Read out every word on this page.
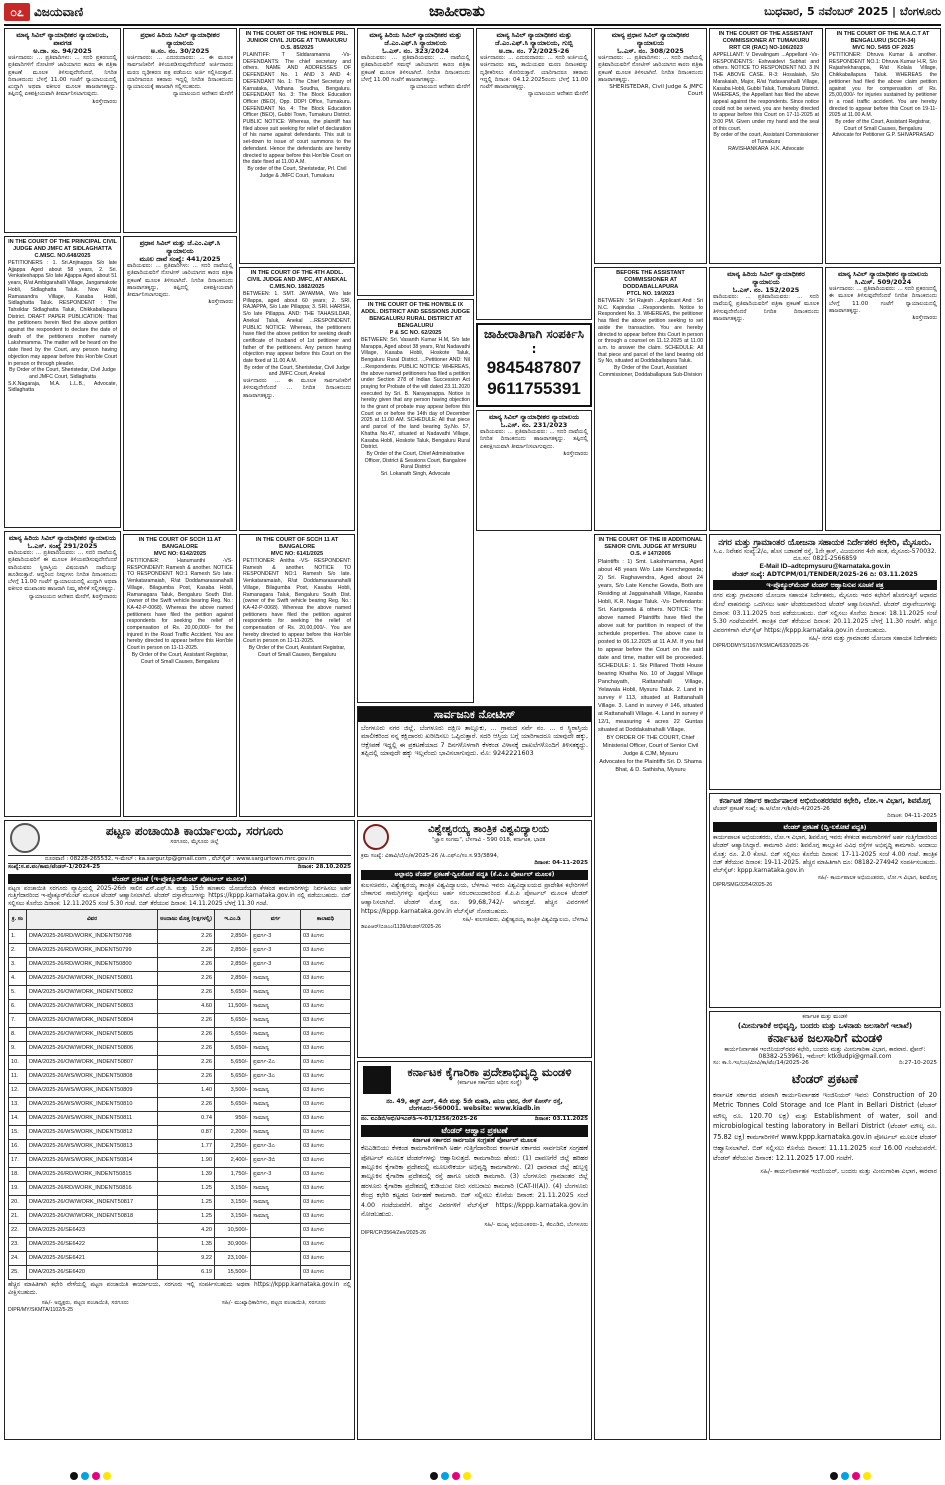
೦೭ ವಿಜಯವಾಣಿ	ಜಾಹೀರಾತು	ಬುಧವಾರ, 5 ನವೆಂಬರ್ 2025 | ಬೆಂಗಳೂರು
ಮಾನ್ಯ ಸಿವಿಲ್ ನ್ಯಾಯಾಧೀಶರ ನ್ಯಾಯಾಲಯ, ಪಾವಗಡ
ಅ.ದಾ. ಸಂ. 94/2025
ಅರ್ಜಿದಾರರು: ... ಪ್ರತಿವಾದಿಗಳು: ... ಸದರಿ ಪ್ರಕರಣದಲ್ಲಿ ಪ್ರತಿವಾದಿಗಳಿಗೆ ನೋಟೀಸ್ ಜಾರಿಯಾಗದ ಕಾರಣ ಈ ಪತ್ರಿಕಾ ಪ್ರಕಟಣೆ ಮೂಲಕ ತಿಳಿಸುವುದೇನೆಂದರೆ, ನಿಗದಿತ ದಿನಾಂಕದಂದು ಬೆಳಗ್ಗೆ 11.00 ಗಂಟೆಗೆ ನ್ಯಾಯಾಲಯದಲ್ಲಿ ಖುದ್ದಾಗಿ ಅಥವಾ ವಕೀಲರ ಮೂಲಕ ಹಾಜರಾಗತಕ್ಕದ್ದು. ತಪ್ಪಿದಲ್ಲಿ ಏಕಪಕ್ಷೀಯವಾಗಿ ತೀರ್ಮಾನಿಸಲಾಗುವುದು.
ಶಿರಸ್ತೇದಾರರು
IN THE COURT OF THE PRINCIPAL CIVIL JUDGE AND JMFC AT SIDLAGHATTA
C.MISC. NO.648/2025
PETITIONERS : 1. Sri.Anjinappa S/o late Ajjappa Aged about 58 years, 2. Sri. Venkateshappa S/o late Ajjappa Aged about 51 years, R/at Ambigarahalli Village, Jangamakote Hobli, Sidlaghatta Taluk. Now R/at Ramasandra Village, Kasaba Hobli, Sidlaghatta Taluk. RESPONDENT : The Tahsildar Sidlaghatta Taluk, Chikkaballapura District. DRAFT PAPER PUBLICATION: That the petitioners herein filed the above petition against the respondent to declare the date of death of the petitioners mother namely Lakshmamma. The matter will be heard on the date fixed by the Court, any person having objection may appear before this Hon'ble Court in person or through pleader.
By Order of the Court, Sheristedar, Civil Judge and JMFC Court, Sidlaghatta
S.K.Nagaraja, M.A. L.L.B., Advocate, Sidlaghatta
ಮಾನ್ಯ ಹಿರಿಯ ಸಿವಿಲ್ ನ್ಯಾಯಾಧೀಶರ ನ್ಯಾಯಾಲಯ
ಓ.ಎಸ್. ಸಂಖ್ಯೆ 291/2025
ವಾದಿಯವರು: ... ಪ್ರತಿವಾದಿಯವರು: ... ಸದರಿ ದಾವೆಯಲ್ಲಿ ಪ್ರತಿವಾದಿಯವರಿಗೆ ಈ ಮೂಲಕ ತಿಳಿಯಪಡಿಸುವುದೇನೆಂದರೆ ವಾದಿಯವರು ಸ್ಥಿರಾಸ್ತಿಯ ವಿಷಯವಾಗಿ ದಾವೆಯನ್ನು ಹೂಡಿರುತ್ತಾರೆ. ಆದ್ದರಿಂದ ನೀವುಗಳು ನಿಗದಿತ ದಿನಾಂಕದಂದು ಬೆಳಗ್ಗೆ 11.00 ಗಂಟೆಗೆ ನ್ಯಾಯಾಲಯದಲ್ಲಿ ಖುದ್ದಾಗಿ ಅಥವಾ ವಕೀಲರ ಮುಖಾಂತರ ಹಾಜರಾಗಿ ನಿಮ್ಮ ಹೇಳಿಕೆ ಸಲ್ಲಿಸತಕ್ಕದ್ದು.
ನ್ಯಾಯಾಲಯದ ಆದೇಶದ ಮೇರೆಗೆ, ಶಿರಸ್ತೇದಾರರು
ಪ್ರಧಾನ ಹಿರಿಯ ಸಿವಿಲ್ ನ್ಯಾಯಾಧೀಶರ ನ್ಯಾಯಾಲಯ
ಅ.ಸಂ. ನಂ. 30/2025
ಅರ್ಜಿದಾರರು: ... ಎದುರುದಾರರು: ... ಈ ಮೂಲಕ ಸಾರ್ವಜನಿಕರಿಗೆ ತಿಳಿಯಪಡಿಸುವುದೇನೆಂದರೆ ಅರ್ಜಿದಾರರು ಮರಣ ದೃಢೀಕರಣ ಪತ್ರ ಪಡೆಯಲು ಅರ್ಜಿ ಸಲ್ಲಿಸಿರುತ್ತಾರೆ. ಯಾರಿಗಾದರೂ ತಕರಾರು ಇದ್ದಲ್ಲಿ ನಿಗದಿತ ದಿನಾಂಕದಂದು ನ್ಯಾಯಾಲಯಕ್ಕೆ ಹಾಜರಾಗಿ ಸಲ್ಲಿಸಬಹುದು.
ನ್ಯಾಯಾಲಯದ ಆದೇಶದ ಮೇರೆಗೆ
ಪ್ರಧಾನ ಸಿವಿಲ್ ಮತ್ತು ಜೆ.ಎಂ.ಎಫ್.ಸಿ ನ್ಯಾಯಾಲಯ
ಮೂಲ ದಾವೆ ಸಂಖ್ಯೆ: 441/2025
ವಾದಿಯವರು: ... ಪ್ರತಿವಾದಿಗಳು: ... ಸದರಿ ದಾವೆಯಲ್ಲಿ ಪ್ರತಿವಾದಿಯವರಿಗೆ ನೋಟೀಸ್ ಜಾರಿಯಾಗದ ಕಾರಣ ಪತ್ರಿಕಾ ಪ್ರಕಟಣೆ ಮೂಲಕ ತಿಳಿಸಲಾಗಿದೆ. ನಿಗದಿತ ದಿನಾಂಕದಂದು ಹಾಜರಾಗತಕ್ಕದ್ದು, ತಪ್ಪಿದಲ್ಲಿ ಏಕಪಕ್ಷೀಯವಾಗಿ ತೀರ್ಮಾನಿಸಲಾಗುವುದು.
ಶಿರಸ್ತೇದಾರರು
IN THE COURT OF THE HON'BLE PRL. JUNIOR CIVIL JUDGE AT TUMAKURU
O.S. 85/2025
PLAINTIFF: T Siddaramanna -Vs- DEFENDANTS: The chief secretary and others. NAME AND ADDRESSES OF DEFENDANT No. 1 AND 3 AND 4: DEFENDANT No. 1: The Chief Secretary of Karnataka, Vidhana Soudha, Bengaluru. DEFENDANT No. 3: The Block Education Officer (BEO), Opp. DDPI Office, Tumakuru. DEFENDANT No. 4: The Block Education Officer (BEO), Gubbi Town, Tumakuru District. PUBLIC NOTICE: Whereas, the plaintiff has filed above suit seeking for relief of declaration of his name against defendants. This suit is set-down to issue of court summons to the defendant. Hence the defendants are hereby directed to appear before this Hon'ble Court on the date fixed at 11.00 A.M.
By order of the Court, Sheristedar, Prl. Civil Judge & JMFC Court, Tumakuru
IN THE COURT OF THE 4TH ADDL. CIVIL JUDGE AND JMFC, AT ANEKAL
C.MIS.NO. 1882/2025
BETWEEN: 1. SMT. JAYAMMA, W/o late Pillappa, aged about 60 years; 2. SRI. RAJAPPA, S/o Late Pillappa; 3. SRI. HARISH, S/o late Pillappa. AND: THE TAHASILDAR, Anekal Taluk, Anekal ...RESPONDENT. PUBLIC NOTICE: Whereas, the petitioners have filed the above petition for seeking death certificate of husband of 1st petitioner and father of the petitioners. Any person having objection may appear before this Court on the date fixed at 11.00 A.M.
By order of the Court, Sheristedar, Civil Judge and JMFC Court, Anekal
ಅರ್ಜಿದಾರರು ... ಈ ಮೂಲಕ ಸಾರ್ವಜನಿಕರಿಗೆ ತಿಳಿಸುವುದೇನೆಂದರೆ ... ನಿಗದಿತ ದಿನಾಂಕದಂದು ಹಾಜರಾಗತಕ್ಕದ್ದು.
ಮಾನ್ಯ ಹಿರಿಯ ಸಿವಿಲ್ ನ್ಯಾಯಾಧೀಶರ ಮತ್ತು ಜೆ.ಎಂ.ಎಫ್.ಸಿ ನ್ಯಾಯಾಲಯ
ಓ.ಎಸ್. ನಂ. 323/2024
ವಾದಿಯವರು: ... ಪ್ರತಿವಾದಿಯವರು: ... ದಾವೆಯಲ್ಲಿ ಪ್ರತಿವಾದಿಯವರಿಗೆ ಸಮನ್ಸ್ ಜಾರಿಯಾಗದ ಕಾರಣ ಪತ್ರಿಕಾ ಪ್ರಕಟಣೆ ಮೂಲಕ ತಿಳಿಸಲಾಗಿದೆ. ನಿಗದಿತ ದಿನಾಂಕದಂದು ಬೆಳಗ್ಗೆ 11.00 ಗಂಟೆಗೆ ಹಾಜರಾಗತಕ್ಕದ್ದು.
ನ್ಯಾಯಾಲಯದ ಆದೇಶದ ಮೇರೆಗೆ
IN THE COURT OF THE HON'BLE IX ADDL. DISTRICT AND SESSIONS JUDGE BENGALURU RURAL DISTRICT AT BENGALURU
P & SC NO. 62/2025
BETWEEN: Sri. Vasanth Kumar H.M, S/o late Marappa, Aged about 38 years, R/at Nadavathi Village, Kasaba Hobli, Hoskote Taluk, Bengaluru Rural District. ...Petitioner AND: Nil ...Respondents. PUBLIC NOTICE: WHEREAS, the above named petitioners has filed a petition under Section 278 of Indian Succession Act praying for Probate of the will dated 23.11.2020 executed by Sri. B. Narayanappa. Notice is hereby given that any person having objection to the grant of probate may appear before this Court on or before the 14th day of December 2025 at 11.00 AM. SCHEDULE: All that piece and parcel of the land bearing Sy.No. 57, Khatha No.47, situated at Nadavathi Village, Kasaba Hobli, Hoskote Taluk, Bengaluru Rural District.
By Order of the Court, Chief Administrative Officer, District & Sessions Court, Bangalore Rural District
Sri. Lokanath Singh, Advocate
ಮಾನ್ಯ ಸಿವಿಲ್ ನ್ಯಾಯಾಧೀಶರ ಮತ್ತು ಜೆ.ಎಂ.ಎಫ್.ಸಿ ನ್ಯಾಯಾಲಯ, ಗುಬ್ಬಿ
ಅ.ದಾ. ನಂ. 72/2025-26
ಅರ್ಜಿದಾರರು: ... ಎದುರುದಾರರು: ... ಸದರಿ ಅರ್ಜಿಯಲ್ಲಿ ಅರ್ಜಿದಾರರು ತಮ್ಮ ತಾಯಿಯವರ ಮರಣ ದಿನಾಂಕವನ್ನು ದೃಢೀಕರಿಸಲು ಕೋರಿರುತ್ತಾರೆ. ಯಾರಿಗಾದರೂ ತಕರಾರು ಇದ್ದಲ್ಲಿ ದಿನಾಂಕ: 04.12.2025ರಂದು ಬೆಳಗ್ಗೆ 11.00 ಗಂಟೆಗೆ ಹಾಜರಾಗತಕ್ಕದ್ದು.
ನ್ಯಾಯಾಲಯದ ಆದೇಶದ ಮೇರೆಗೆ
ಜಾಹೀರಾತಿಗಾಗಿ ಸಂಪರ್ಕಿಸಿ :
9845487807
9611755391
ಮಾನ್ಯ ಸಿವಿಲ್ ನ್ಯಾಯಾಧೀಶರ ನ್ಯಾಯಾಲಯ
ಓ.ಎಸ್. ನಂ. 231/2023
ವಾದಿಯವರು: ... ಪ್ರತಿವಾದಿಯವರು: ... ಸದರಿ ದಾವೆಯಲ್ಲಿ ನಿಗದಿತ ದಿನಾಂಕದಂದು ಹಾಜರಾಗತಕ್ಕದ್ದು. ತಪ್ಪಿದಲ್ಲಿ ಏಕಪಕ್ಷೀಯವಾಗಿ ತೀರ್ಮಾನಿಸಲಾಗುವುದು.
ಶಿರಸ್ತೇದಾರರು
ಮಾನ್ಯ ಪ್ರಧಾನ ಸಿವಿಲ್ ನ್ಯಾಯಾಧೀಶರ ನ್ಯಾಯಾಲಯ
ಓ.ಎಸ್. ನಂ. 308/2025
ಅರ್ಜಿದಾರರು: ... ಪ್ರತಿವಾದಿಗಳು: ... ಸದರಿ ದಾವೆಯಲ್ಲಿ ಪ್ರತಿವಾದಿಯವರಿಗೆ ನೋಟೀಸ್ ಜಾರಿಯಾಗದ ಕಾರಣ ಪತ್ರಿಕಾ ಪ್ರಕಟಣೆ ಮೂಲಕ ತಿಳಿಸಲಾಗಿದೆ. ನಿಗದಿತ ದಿನಾಂಕದಂದು ಹಾಜರಾಗತಕ್ಕದ್ದು.
SHERISTEDAR, Civil Judge & JMFC Court
BEFORE THE ASSISTANT COMMISSIONER AT DODDABALLAPURA
PTCL NO. 19/2023
BETWEEN : Sri Rajesh ...Applicant And : Sri N.C. Kapindas ...Respondents. Notice to Respondent No. 3. WHEREAS, the petitioner has filed the above petition seeking to set aside the transaction. You are hereby directed to appear before this Court in person or through a counsel on 11.12.2025 at 11.00 a.m. to answer the claim. SCHEDULE: All that piece and parcel of the land bearing old Sy No, situated at Doddaballapura Taluk.
By Order of the Court, Assistant Commissioner, Doddaballapura Sub-Division
IN THE COURT OF THE ASSISTANT COMMISSIONER AT TUMAKURU
RRT CR (RAC) NO-106/2023
APPELLANT: V Devalingam ...Appellant -Vs- RESPONDENTS: Eshwaidevi Subhat and others. NOTICE TO RESPONDENT NO. 3 IN THE ABOVE CASE. R-3: Hosalaiah, S/o Marakaiah, Major, R/at Yadavanahalli Village, Kasaba Hobli, Gubbi Taluk, Tumakuru District. WHEREAS, the Appellant has filed the above appeal against the respondents. Since notice could not be served, you are hereby directed to appear before this Court on 17-11-2025 at 3:00 PM. Given under my hand and the seal of this court.
By order of the court, Assistant Commissioner of Tumakuru
RAVISHANKARA .H.K. Advocate
ಮಾನ್ಯ ಹಿರಿಯ ಸಿವಿಲ್ ನ್ಯಾಯಾಧೀಶರ ನ್ಯಾಯಾಲಯ
ಓ.ಎಸ್. ನಂ. 152/2025
ವಾದಿಯವರು: ... ಪ್ರತಿವಾದಿಯವರು: ... ಸದರಿ ದಾವೆಯಲ್ಲಿ ಪ್ರತಿವಾದಿಯವರಿಗೆ ಪತ್ರಿಕಾ ಪ್ರಕಟಣೆ ಮೂಲಕ ತಿಳಿಸುವುದೇನೆಂದರೆ ನಿಗದಿತ ದಿನಾಂಕದಂದು ಹಾಜರಾಗತಕ್ಕದ್ದು.
IN THE COURT OF THE M.A.C.T AT BENGALURU (SCCH-34)
MVC NO. 5455 OF 2025
PETITIONER: Dhruva Kumar & another. RESPONDENT NO.1: Dhruva Kumar H.R, S/o Rajashekharappa, R/at Kolala Village, Chikkaballapura Taluk. WHEREAS the petitioner had filed the above claim petition against you for compensation of Rs. 25,00,000/- for injuries sustained by petitioner in a road traffic accident. You are hereby directed to appear before this Court on 19-11-2025 at 11.00 A.M.
By order of the Court, Assistant Registrar, Court of Small Causes, Bengaluru
Advocate for Petitioner G.P. SHIVAPRASAD
ಮಾನ್ಯ ಸಿವಿಲ್ ನ್ಯಾಯಾಧೀಶರ ನ್ಯಾಯಾಲಯ
ಸಿ.ಮಿಸ್. 509/2024
ಅರ್ಜಿದಾರರು: ... ಪ್ರತಿವಾದಿಯವರು: ... ಸದರಿ ಪ್ರಕರಣದಲ್ಲಿ ಈ ಮೂಲಕ ತಿಳಿಸುವುದೇನೆಂದರೆ ನಿಗದಿತ ದಿನಾಂಕದಂದು ಬೆಳಗ್ಗೆ 11.00 ಗಂಟೆಗೆ ನ್ಯಾಯಾಲಯದಲ್ಲಿ ಹಾಜರಾಗತಕ್ಕದ್ದು.
ಶಿರಸ್ತೇದಾರರು
IN THE COURT OF SCCH 11 AT BANGALORE
MVC NO: 6142/2025
PETITIONER: Hanumanthi -VS- RESPONDENT: Ramesh & another. NOTICE TO RESPONDENT NO:1 Ramesh S/o late. Venkataramaiah, R/at Doddamarasanahalli Village, Bilagumba Post, Kasaba Hobli, Ramanagara Taluk, Bengaluru South Dist. (owner of the Swift vehicle bearing Reg. No.: KA-42-P-0068). Whereas the above named petitioners have filed the petition against respondents for seeking the relief of compensation of Rs. 20,00,000/- for the injured in the Road Traffic Accident. You are hereby directed to appear before this Hon'ble Court in person on 11-11-2025.
By Order of the Court, Assistant Registrar, Court of Small Causes, Bengaluru
IN THE COURT OF SCCH 11 AT BANGALORE
MVC NO: 6141/2025
PETITIONER: Anitha -VS- RESPONDENT: Ramesh & another. NOTICE TO RESPONDENT NO:1 Ramesh S/o late. Venkataramaiah, R/at Doddamarasanahalli Village, Bilagumba Post, Kasaba Hobli, Ramanagara Taluk, Bengaluru South Dist. (owner of the Swift vehicle bearing Reg. No.: KA-42-P-0068). Whereas the above named petitioners have filed the petition against respondents for seeking the relief of compensation of Rs. 20,00,000/-. You are hereby directed to appear before this Hon'ble Court in person on 11-11-2025.
By Order of the Court, Assistant Registrar, Court of Small Causes, Bengaluru
ಸಾರ್ವಜನಿಕ ನೋಟೀಸ್
ಬೆಂಗಳೂರು ನಗರ ಜಿಲ್ಲೆ, ಬೆಂಗಳೂರು ದಕ್ಷಿಣ ತಾಲ್ಲೂಕು, ... ಗ್ರಾಮದ ಸರ್ವೆ ನಂ. ... ರ ಸ್ಥಿರಾಸ್ತಿಯ ಮಾಲೀಕರಿಂದ ನನ್ನ ಕಕ್ಷಿದಾರರು ಖರೀದಿಸಲು ಒಪ್ಪಿರುತ್ತಾರೆ. ಸದರಿ ಆಸ್ತಿಯ ಬಗ್ಗೆ ಯಾರಿಗಾದರೂ ಯಾವುದೇ ಹಕ್ಕು, ಆಕ್ಷೇಪಣೆ ಇದ್ದಲ್ಲಿ ಈ ಪ್ರಕಟಣೆಯಾದ 7 ದಿನಗಳೊಳಗಾಗಿ ಕೆಳಕಂಡ ವಿಳಾಸಕ್ಕೆ ದಾಖಲೆಗಳೊಂದಿಗೆ ತಿಳಿಸತಕ್ಕದ್ದು. ತಪ್ಪಿದಲ್ಲಿ ಯಾವುದೇ ಹಕ್ಕು ಇಲ್ಲವೆಂದು ಭಾವಿಸಲಾಗುವುದು. ಮೊ: 9242221603
IN THE COURT OF THE III ADDITIONAL SENIOR CIVIL JUDGE AT MYSURU
O.S. # 147/2005
Plaintiffs : 1) Smt. Lakshmamma, Aged about 48 years W/o Late Kenchegowda; 2) Sri. Raghavendra, Aged about 24 years, S/o Late Kenche Gowda, Both are Residing at Jaggainahalli Village, Kasaba Hobli, K.R. Nagar Taluk. -Vs- Defendants: Sri. Karigowda & others. NOTICE: The above named Plaintiffs have filed the above suit for partition in respect of the schedule properties. The above case is posted to 06.12.2025 at 11 A.M. If you fail to appear before the Court on the said date and time, matter will be proceeded. SCHEDULE: 1. Six Pillared Thotti House bearing Khatha No. 10 of Jaggal Village Panchayath, Rattanahalli Village, Yelawala Hobli, Mysuru Taluk. 2. Land in survey # 113, situated at Rattanahalli Village. 3. Land in survey # 146, situated at Rattanahalli Village. 4. Land in survey # 12/1, measuring 4 acres 22 Guntas situated at Doddakatnahalli Village.
BY ORDER OF THE COURT, Chief Ministerial Officer, Court of Senior Civil Judge & CJM, Mysuru
Advocates for the Plaintiffs Sri. D. Shama Bhat, & D. Sathisha, Mysuru
ನಗರ ಮತ್ತು ಗ್ರಾಮಾಂತರ ಯೋಜನಾ ಸಹಾಯಕ ನಿರ್ದೇಶಕರ ಕಛೇರಿ, ಮೈಸೂರು.
ಸಿ.ಎ. ನಿವೇಶನ ಸಂಖ್ಯೆ:2/ಎ, ಹೊಸ ಬಡಾವಣೆ ರಸ್ತೆ, 1ನೇ ಕ್ರಾಸ್, ವಿಜಯನಗರ 4ನೇ ಹಂತ, ಮೈಸೂರು-570032.
ದೂ.ಸಂ: 0821-2566859
E-Mail ID–adtcpmysuru@karnataka.gov.in
ಟೆಂಡರ್ ಸಂಖ್ಯೆ: ADTCPM/01/TENDER/2025-26 ದಿ: 03.11.2025
ಇ-ಪ್ರೊಕ್ಯೂರ್‌ಮೆಂಟ್ ಟೆಂಡರ್ ಆಹ್ವಾನಿಸುವ ಸೂಚನೆ ಪತ್ರ
ನಗರ ಮತ್ತು ಗ್ರಾಮಾಂತರ ಯೋಜನಾ ಸಹಾಯಕ ನಿರ್ದೇಶಕರು, ಮೈಸೂರು ಇವರ ಕಛೇರಿಗೆ ಹೊರಗುತ್ತಿಗೆ ಆಧಾರದ ಮೇಲೆ ವಾಹನವನ್ನು ಒದಗಿಸಲು ಅರ್ಹ ಟೆಂಡರುದಾರರಿಂದ ಟೆಂಡರ್ ಆಹ್ವಾನಿಸಲಾಗಿದೆ. ಟೆಂಡರ್ ದಸ್ತಾವೇಜುಗಳನ್ನು ದಿನಾಂಕ: 03.11.2025 ರಿಂದ ಪಡೆಯಬಹುದು. ಬಿಡ್ ಸಲ್ಲಿಸಲು ಕೊನೆಯ ದಿನಾಂಕ: 18.11.2025 ಸಂಜೆ 5.30 ಗಂಟೆಯವರೆಗೆ. ತಾಂತ್ರಿಕ ಬಿಡ್ ತೆರೆಯುವ ದಿನಾಂಕ: 20.11.2025 ಬೆಳಗ್ಗೆ 11.30 ಗಂಟೆಗೆ. ಹೆಚ್ಚಿನ ವಿವರಗಳಿಗಾಗಿ ವೆಬ್‌ಸೈಟ್ https://kppp.karnataka.gov.in ನೋಡಬಹುದು.
ಸಹಿ/- ನಗರ ಮತ್ತು ಗ್ರಾಮಾಂತರ ಯೋಜನಾ ಸಹಾಯಕ ನಿರ್ದೇಶಕರು
DIPR/DDMYS/1167/KSMCA/633/2025-26
ಕರ್ನಾಟಕ ಸರ್ಕಾರ ಕಾರ್ಯಪಾಲಕ ಅಭಿಯಂತರರವರ ಕಛೇರಿ, ಲೋ.ಇ ವಿಭಾಗ, ಶಿವಮೊಗ್ಗ
ಟೆಂಡರ್ ಪ್ರಕಟಣೆ ಸಂಖ್ಯೆ: ಕಾ.ಅ/ಲೋ.ಇ/ಶಿ/ಟೆಂ-4/2025-26
ದಿನಾಂಕ: 04-11-2025
ಟೆಂಡರ್ ಪ್ರಕಟಣೆ (ದ್ವಿ-ಲಕೋಟೆ ಪದ್ಧತಿ)
ಕಾರ್ಯಪಾಲಕ ಅಭಿಯಂತರರು, ಲೋ.ಇ ವಿಭಾಗ, ಶಿವಮೊಗ್ಗ ಇವರು ಕೆಳಕಂಡ ಕಾಮಗಾರಿಗಳಿಗೆ ಅರ್ಹ ಗುತ್ತಿಗೆದಾರರಿಂದ ಟೆಂಡರ್ ಆಹ್ವಾನಿಸಿದ್ದಾರೆ. ಕಾಮಗಾರಿ ವಿವರ: ಶಿವಮೊಗ್ಗ ತಾಲ್ಲೂಕಿನ ವಿವಿಧ ರಸ್ತೆಗಳ ಅಭಿವೃದ್ಧಿ ಕಾಮಗಾರಿ. ಅಂದಾಜು ಮೊತ್ತ: ರೂ. 2.0 ಕೋಟಿ. ಬಿಡ್ ಸಲ್ಲಿಸಲು ಕೊನೆಯ ದಿನಾಂಕ: 17-11-2025 ಸಂಜೆ 4.00 ಗಂಟೆ. ತಾಂತ್ರಿಕ ಬಿಡ್ ತೆರೆಯುವ ದಿನಾಂಕ: 19-11-2025. ಹೆಚ್ಚಿನ ಮಾಹಿತಿಗಾಗಿ ದೂ: 08182-274942 ಸಂಪರ್ಕಿಸಬಹುದು. ವೆಬ್‌ಸೈಟ್: kppp.karnataka.gov.in
ಸಹಿ/- ಕಾರ್ಯಪಾಲಕ ಅಭಿಯಂತರರು, ಲೋ.ಇ ವಿಭಾಗ, ಶಿವಮೊಗ್ಗ
DIPR/SMG/3254/2025-26
ಕರ್ನಾಟಕ ಮತ್ತು ಮಂಡಳಿ
(ಮೀನುಗಾರಿಕೆ ಅಭಿವೃದ್ಧಿ, ಬಂದರು ಮತ್ತು ಒಳನಾಡು ಜಲಸಾರಿಗೆ ಇಲಾಖೆ)
ಕರ್ನಾಟಕ ಜಲಸಾರಿಗೆ ಮಂಡಳಿ
ಕಾರ್ಯನಿರ್ವಾಹಕ ಇಂಜಿನಿಯರ್‌ರವರ ಕಛೇರಿ, ಬಂದರು ಮತ್ತು ಮೀನುಗಾರಿಕಾ ವಿಭಾಗ, ಕಾರವಾರ. ಫೋನ್: 08382-253961, ಇಮೇಲ್: ktkdudpi@gmail.com
ಸಂ: ಕಾ.ನಿ.ಇಂ/ಬಂ/ಮೀವಿ/ಕಾ/ಟೆಂ/14/2025-26	ದಿ:27-10-2025
ಟೆಂಡರ್ ಪ್ರಕಟಣೆ
ಕರ್ನಾಟಕ ಸರ್ಕಾರದ ಪರವಾಗಿ ಕಾರ್ಯನಿರ್ವಾಹಕ ಇಂಜಿನಿಯರ್ ಇವರು Construction of 20 Metric Tonnes Cold Storage and Ice Plant in Bellari District (ಟೆಂಡರ್ ಮೌಲ್ಯ ರೂ. 120.70 ಲಕ್ಷ) ಮತ್ತು Establishment of water, soil and microbiological testing laboratory in Bellari District (ಟೆಂಡರ್ ಮೌಲ್ಯ ರೂ. 75.82 ಲಕ್ಷ) ಕಾಮಗಾರಿಗಳಿಗೆ www.kppp.karnataka.gov.in ಪೋರ್ಟಲ್ ಮೂಲಕ ಟೆಂಡರ್ ಆಹ್ವಾನಿಸಲಾಗಿದೆ. ಬಿಡ್ ಸಲ್ಲಿಸಲು ಕೊನೆಯ ದಿನಾಂಕ: 11.11.2025 ಸಂಜೆ 16.00 ಗಂಟೆಯವರೆಗೆ. ಟೆಂಡರ್ ತೆರೆಯುವ ದಿನಾಂಕ: 12.11.2025 17.00 ಗಂಟೆಗೆ.
ಸಹಿ/- ಕಾರ್ಯನಿರ್ವಾಹಕ ಇಂಜಿನಿಯರ್, ಬಂದರು ಮತ್ತು ಮೀನುಗಾರಿಕಾ ವಿಭಾಗ, ಕಾರವಾರ
ಪಟ್ಟಣ ಪಂಚಾಯಿತಿ ಕಾರ್ಯಾಲಯ, ಸರಗೂರು
ಸರಗೂರು, ಮೈಸೂರು ಜಿಲ್ಲೆ
ದೂರವಾಣಿ : 08228-265532, ಇ-ಮೇಲ್ : ka.sargur.tp@gmail.com , ವೆಬ್‌ಸೈಟ್ : www.sargurtown.mrc.gov.in
ಸಂಖ್ಯೆ:ಸ.ಪ.ಪಂ/ಕಾಮ/ಟೆಂಡರ್-1/2024-25	ದಿನಾಂಕ: 28.10.2025
ಟೆಂಡರ್ ಪ್ರಕಟಣೆ (ಇ-ಪ್ರೊಕ್ಯೂರ್‌ಮೆಂಟ್ ಪೋರ್ಟಲ್ ಮೂಲಕ)
ಪಟ್ಟಣ ಪಂಚಾಯಿತಿ ಸರಗೂರು ವ್ಯಾಪ್ತಿಯಲ್ಲಿ 2025-26ನೇ ಸಾಲಿನ ಎಸ್.ಎಫ್.ಸಿ. ಮತ್ತು 15ನೇ ಹಣಕಾಸು ಯೋಜನೆಯಡಿ ಕೆಳಕಂಡ ಕಾಮಗಾರಿಗಳನ್ನು ನಿರ್ವಹಿಸಲು ಅರ್ಹ ಗುತ್ತಿಗೆದಾರರಿಂದ ಇ-ಪ್ರೊಕ್ಯೂರ್‌ಮೆಂಟ್ ಮೂಲಕ ಟೆಂಡರ್ ಆಹ್ವಾನಿಸಲಾಗಿದೆ. ಟೆಂಡರ್ ದಸ್ತಾವೇಜುಗಳನ್ನು https://kppp.karnataka.gov.in ನಲ್ಲಿ ಪಡೆಯಬಹುದು. ಬಿಡ್ ಸಲ್ಲಿಸಲು ಕೊನೆಯ ದಿನಾಂಕ: 12.11.2025 ಸಂಜೆ 5.30 ಗಂಟೆ. ಬಿಡ್ ತೆರೆಯುವ ದಿನಾಂಕ: 14.11.2025 ಬೆಳಗ್ಗೆ 11.30 ಗಂಟೆ.
ಕ್ರ. ಸಂ	ವಿವರ	ಅಂದಾಜು ಮೊತ್ತ (ಲಕ್ಷಗಳಲ್ಲಿ)	ಇ.ಎಂ.ಡಿ	ವರ್ಗ	ಕಾಲಾವಧಿ
1.	DMA/2025-26/RD/WORK_INDENT50798	2.26	2,850/-	ಪ್ರವರ್ಗ-3	03 ತಿಂಗಳು
2.	DMA/2025-26/RD/WORK_INDENT50799	2.26	2,850/-	ಪ್ರವರ್ಗ-3	03 ತಿಂಗಳು
3.	DMA/2025-26/RD/WORK_INDENT50800	2.26	2,850/-	ಪ್ರವರ್ಗ-3	03 ತಿಂಗಳು
4.	DMA/2025-26/OW/WORK_INDENT50801	2.26	2,850/-	ಸಾಮಾನ್ಯ	03 ತಿಂಗಳು
5.	DMA/2025-26/OW/WORK_INDENT50802	2.26	5,650/-	ಸಾಮಾನ್ಯ	03 ತಿಂಗಳು
6.	DMA/2025-26/OW/WORK_INDENT50803	4.60	11,500/-	ಸಾಮಾನ್ಯ	03 ತಿಂಗಳು
7.	DMA/2025-26/OW/WORK_INDENT50804	2.26	5,650/-	ಸಾಮಾನ್ಯ	03 ತಿಂಗಳು
8.	DMA/2025-26/OW/WORK_INDENT50805	2.26	5,650/-	ಸಾಮಾನ್ಯ	03 ತಿಂಗಳು
9.	DMA/2025-26/OW/WORK_INDENT50806	2.26	5,650/-	ಸಾಮಾನ್ಯ	03 ತಿಂಗಳು
10.	DMA/2025-26/OW/WORK_INDENT50807	2.26	5,650/-	ಪ್ರವರ್ಗ-2ಎ	03 ತಿಂಗಳು
11.	DMA/2025-26/WS/WORK_INDENT50808	2.26	5,650/-	ಪ್ರವರ್ಗ-3ಎ	03 ತಿಂಗಳು
12.	DMA/2025-26/WS/WORK_INDENT50809	1.40	3,500/-	ಸಾಮಾನ್ಯ	03 ತಿಂಗಳು
13.	DMA/2025-26/WS/WORK_INDENT50810	2.26	5,650/-	ಸಾಮಾನ್ಯ	03 ತಿಂಗಳು
14.	DMA/2025-26/WS/WORK_INDENT50811	0.74	950/-	ಸಾಮಾನ್ಯ	03 ತಿಂಗಳು
15.	DMA/2025-26/WS/WORK_INDENT50812	0.87	2,200/-	ಸಾಮಾನ್ಯ	03 ತಿಂಗಳು
16.	DMA/2025-26/WS/WORK_INDENT50813	1.77	2,250/-	ಪ್ರವರ್ಗ-3ಎ	03 ತಿಂಗಳು
17.	DMA/2025-26/WS/WORK_INDENT50814	1.90	2,400/-	ಪ್ರವರ್ಗ-3ಬಿ	03 ತಿಂಗಳು
18.	DMA/2025-26/RD/WORK_INDENT50815	1.39	1,750/-	ಪ್ರವರ್ಗ-3	03 ತಿಂಗಳು
19.	DMA/2025-26/RD/WORK_INDENT50816	1.25	3,150/-	ಸಾಮಾನ್ಯ	03 ತಿಂಗಳು
20.	DMA/2025-26/OW/WORK_INDENT50817	1.25	3,150/-	ಸಾಮಾನ್ಯ	03 ತಿಂಗಳು
21.	DMA/2025-26/OW/WORK_INDENT50818	1.25	3,150/-	ಸಾಮಾನ್ಯ	03 ತಿಂಗಳು
22.	DMA/2025-26/SE6423	4.20	10,500/-		03 ತಿಂಗಳು
23.	DMA/2025-26/SE6422	1.35	30,900/-		03 ತಿಂಗಳು
24.	DMA/2025-26/SE6421	9.22	23,100/-		03 ತಿಂಗಳು
25.	DMA/2025-26/SE6420	6.19	15,500/-		03 ತಿಂಗಳು
ಹೆಚ್ಚಿನ ಮಾಹಿತಿಗಾಗಿ ಕಛೇರಿ ವೇಳೆಯಲ್ಲಿ ಪಟ್ಟಣ ಪಂಚಾಯಿತಿ ಕಾರ್ಯಾಲಯ, ಸರಗೂರು ಇಲ್ಲಿ ಸಂಪರ್ಕಿಸಬಹುದು ಅಥವಾ https://kppp.karnataka.gov.in ನಲ್ಲಿ ವೀಕ್ಷಿಸಬಹುದು.
ಸಹಿ/- ಅಧ್ಯಕ್ಷರು, ಪಟ್ಟಣ ಪಂಚಾಯಿತಿ, ಸರಗೂರು	ಸಹಿ/- ಮುಖ್ಯಾಧಿಕಾರಿಗಳು, ಪಟ್ಟಣ ಪಂಚಾಯಿತಿ, ಸರಗೂರು
DIPR/MY/SKMTA/1102/5-25
ವಿಶ್ವೇಶ್ವರಯ್ಯ ತಾಂತ್ರಿಕ ವಿಶ್ವವಿದ್ಯಾಲಯ
"ಜ್ಞಾನ ಸಂಗಮ", ಬೆಳಗಾವಿ - 590 018, ಕರ್ನಾಟಕ, ಭಾರತ
ಕ್ರಮ ಸಂಖ್ಯೆ: ವಿತಾವಿ/ಬೆ/ಎ/ಕ/2025-26 /ಪಿ.ಎಫ್‌ಎ/ಸಂ.ಸ.93/3894,
ದಿನಾಂಕ: 04-11-2025
ಅಲ್ಪಾವಧಿ ಟೆಂಡರ್ ಪ್ರಕಟಣೆ-ದ್ವಿಲಕೋಟೆ ಪದ್ಧತಿ (ಕೆ.ಪಿ.ಪಿ ಪೋರ್ಟಲ್ ಮೂಲಕ)
ಕುಲಸಚಿವರು, ವಿಶ್ವೇಶ್ವರಯ್ಯ ತಾಂತ್ರಿಕ ವಿಶ್ವವಿದ್ಯಾಲಯ, ಬೆಳಗಾವಿ ಇವರು ವಿಶ್ವವಿದ್ಯಾಲಯದ ಪ್ರಾದೇಶಿಕ ಕಛೇರಿಗಳಿಗೆ ಬೇಕಾಗುವ ಸಾಮಗ್ರಿಗಳನ್ನು ಪೂರೈಸಲು ಅರ್ಹ ಸರಬರಾಜುದಾರರಿಂದ ಕೆ.ಪಿ.ಪಿ ಪೋರ್ಟಲ್ ಮೂಲಕ ಟೆಂಡರ್ ಆಹ್ವಾನಿಸಲಾಗಿದೆ. ಟೆಂಡರ್ ಮೊತ್ತ ರೂ. 99,68,742/- ಆಗಿರುತ್ತದೆ. ಹೆಚ್ಚಿನ ವಿವರಗಳಿಗೆ https://kppp.karnataka.gov.in ವೆಬ್‌ಸೈಟ್ ನೋಡಬಹುದು.
ಸಹಿ/- ಕುಲಸಚಿವರು, ವಿಶ್ವೇಶ್ವರಯ್ಯ ತಾಂತ್ರಿಕ ವಿಶ್ವವಿದ್ಯಾಲಯ, ಬೆಳಗಾವಿ
ಡಿಐಪಿಆರ್/ಬಿಜಿಎಂ/1139/ಟೆಂಡರ್/2025-26
ಕರ್ನಾಟಕ ಕೈಗಾರಿಕಾ ಪ್ರದೇಶಾಭಿವೃದ್ಧಿ ಮಂಡಳಿ
(ಕರ್ನಾಟಕ ಸರ್ಕಾರದ ಅಧೀನ ಸಂಸ್ಥೆ)
ನಂ. 49, ಈಸ್ಟ್ ವಿಂಗ್, 4ನೇ ಮತ್ತು 5ನೇ ಮಹಡಿ, ಖನಿಜ ಭವನ, ರೇಸ್ ಕೋರ್ಸ್ ರಸ್ತೆ, ಬೆಂಗಳೂರು-560001. website: www.kiadb.in
ನಂ. ಐಎಡಿಬಿ/ಅಭಿ/ಟಿಇಎನ್‌ಡಿ-ಇ-01/1256/2025-26	ದಿನಾಂಕ: 03.11.2025
ಟೆಂಡರ್ ಆಹ್ವಾನ ಪ್ರಕಟಣೆ
ಕರ್ನಾಟಕ ಸರ್ಕಾರದ ಸಾರ್ವಜನಿಕ ಸಂಗ್ರಹಣೆ ಪೋರ್ಟಲ್ ಮೂಲಕ
ಕೆಐಎಡಿಬಿಯು ಕೆಳಕಂಡ ಕಾಮಗಾರಿಗಳಿಗಾಗಿ ಅರ್ಹ ಗುತ್ತಿಗೆದಾರರಿಂದ ಕರ್ನಾಟಕ ಸರ್ಕಾರದ ಸಾರ್ವಜನಿಕ ಸಂಗ್ರಹಣೆ ಪೋರ್ಟಲ್ ಮೂಲಕ ಟೆಂಡರ್‌ಗಳನ್ನು ಆಹ್ವಾನಿಸುತ್ತದೆ. ಕಾಮಗಾರಿಯ ಹೆಸರು: (1) ದಾವಣಗೆರೆ ಜಿಲ್ಲೆ ಹರಿಹರ ತಾಲ್ಲೂಕಿನ ಕೈಗಾರಿಕಾ ಪ್ರದೇಶದಲ್ಲಿ ಮೂಲಸೌಕರ್ಯ ಅಭಿವೃದ್ಧಿ ಕಾಮಗಾರಿಗಳು. (2) ಧಾರವಾಡ ಜಿಲ್ಲೆ ಹುಬ್ಬಳ್ಳಿ ತಾಲ್ಲೂಕಿನ ಕೈಗಾರಿಕಾ ಪ್ರದೇಶದಲ್ಲಿ ರಸ್ತೆ ಹಾಗೂ ಚರಂಡಿ ಕಾಮಗಾರಿ. (3) ಬೆಂಗಳೂರು ಗ್ರಾಮಾಂತರ ಜಿಲ್ಲೆ ಹರಳೂರು ಕೈಗಾರಿಕಾ ಪ್ರದೇಶದಲ್ಲಿ ಕುಡಿಯುವ ನೀರು ಸರಬರಾಜು ಕಾಮಗಾರಿ (CAT-II(A)). (4) ಬೆಂಗಳೂರು ಕೇಂದ್ರ ಕಛೇರಿ ಕಟ್ಟಡದ ನಿರ್ವಹಣೆ ಕಾಮಗಾರಿ. ಬಿಡ್ ಸಲ್ಲಿಸಲು ಕೊನೆಯ ದಿನಾಂಕ: 21.11.2025 ಸಂಜೆ 4.00 ಗಂಟೆಯವರೆಗೆ. ಹೆಚ್ಚಿನ ವಿವರಗಳಿಗೆ ವೆಬ್‌ಸೈಟ್ https://kppp.karnataka.gov.in ನೋಡಬಹುದು.
ಸಹಿ/- ಮುಖ್ಯ ಅಭಿಯಂತರರು-1, ಕೆಐಎಡಿಬಿ, ಬೆಂಗಳೂರು
DIPR/CP/3564/Zen/2025-26
